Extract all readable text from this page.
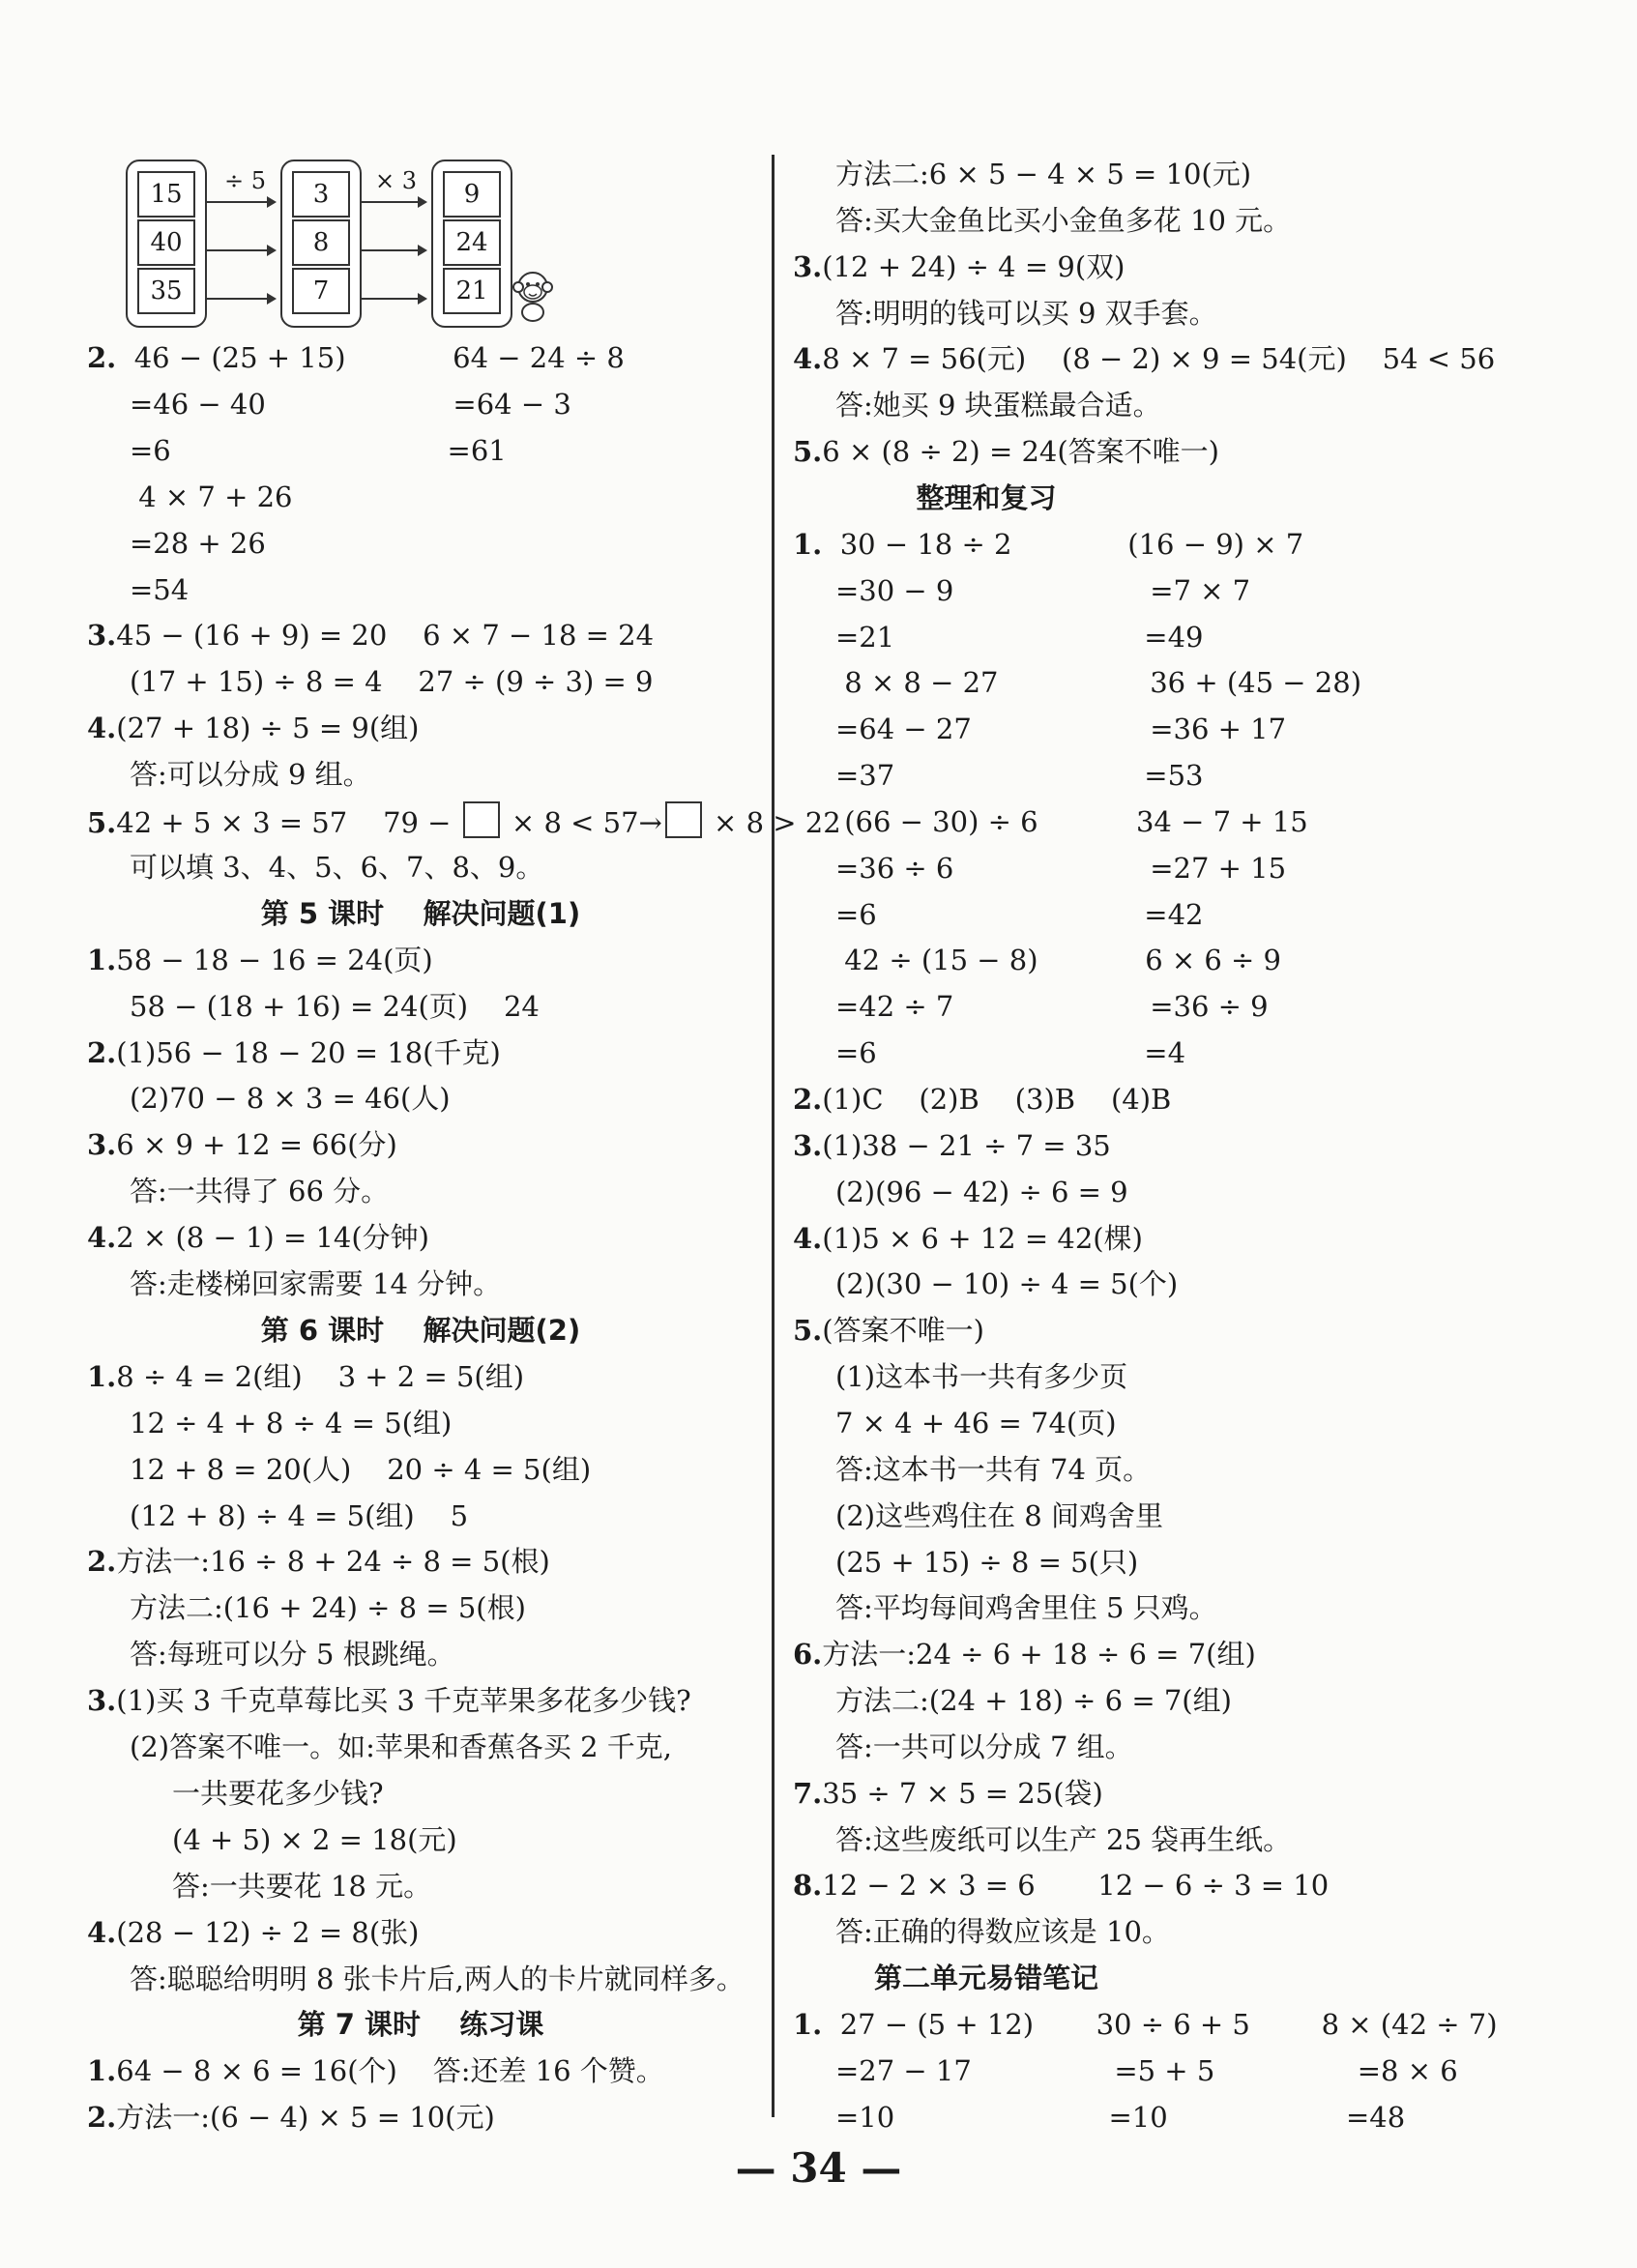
15
40
35
÷ 5	3
8
7
× 3	9
24
21
2.  46 − (25 + 15)            64 − 24 ÷ 8
=46 − 40                     =64 − 3
=6                               =61
4 × 7 + 26
=28 + 26
=54
3.45 − (16 + 9) = 20    6 × 7 − 18 = 24
(17 + 15) ÷ 8 = 4    27 ÷ (9 ÷ 3) = 9
4.(27 + 18) ÷ 5 = 9(组)
答:可以分成 9 组。
5.42 + 5 × 3 = 57    79 −  × 8 < 57→ × 8 > 22
可以填 3、4、5、6、7、8、9。
第 5 课时    解决问题(1)
1.58 − 18 − 16 = 24(页)
58 − (18 + 16) = 24(页)    24
2.(1)56 − 18 − 20 = 18(千克)
(2)70 − 8 × 3 = 46(人)
3.6 × 9 + 12 = 66(分)
答:一共得了 66 分。
4.2 × (8 − 1) = 14(分钟)
答:走楼梯回家需要 14 分钟。
第 6 课时    解决问题(2)
1.8 ÷ 4 = 2(组)    3 + 2 = 5(组)
12 ÷ 4 + 8 ÷ 4 = 5(组)
12 + 8 = 20(人)    20 ÷ 4 = 5(组)
(12 + 8) ÷ 4 = 5(组)    5
2.方法一:16 ÷ 8 + 24 ÷ 8 = 5(根)
方法二:(16 + 24) ÷ 8 = 5(根)
答:每班可以分 5 根跳绳。
3.(1)买 3 千克草莓比买 3 千克苹果多花多少钱?
(2)答案不唯一。如:苹果和香蕉各买 2 千克,
一共要花多少钱?
(4 + 5) × 2 = 18(元)
答:一共要花 18 元。
4.(28 − 12) ÷ 2 = 8(张)
答:聪聪给明明 8 张卡片后,两人的卡片就同样多。
第 7 课时    练习课
1.64 − 8 × 6 = 16(个)    答:还差 16 个赞。
2.方法一:(6 − 4) × 5 = 10(元)
方法二:6 × 5 − 4 × 5 = 10(元)
答:买大金鱼比买小金鱼多花 10 元。
3.(12 + 24) ÷ 4 = 9(双)
答:明明的钱可以买 9 双手套。
4.8 × 7 = 56(元)    (8 − 2) × 9 = 54(元)    54 < 56
答:她买 9 块蛋糕最合适。
5.6 × (8 ÷ 2) = 24(答案不唯一)
整理和复习
1.  30 − 18 ÷ 2             (16 − 9) × 7
=30 − 9                      =7 × 7
=21                            =49
8 × 8 − 27                 36 + (45 − 28)
=64 − 27                    =36 + 17
=37                            =53
(66 − 30) ÷ 6           34 − 7 + 15
=36 ÷ 6                      =27 + 15
=6                              =42
42 ÷ (15 − 8)            6 × 6 ÷ 9
=42 ÷ 7                      =36 ÷ 9
=6                              =4
2.(1)C    (2)B    (3)B    (4)B
3.(1)38 − 21 ÷ 7 = 35
(2)(96 − 42) ÷ 6 = 9
4.(1)5 × 6 + 12 = 42(棵)
(2)(30 − 10) ÷ 4 = 5(个)
5.(答案不唯一)
(1)这本书一共有多少页
7 × 4 + 46 = 74(页)
答:这本书一共有 74 页。
(2)这些鸡住在 8 间鸡舍里
(25 + 15) ÷ 8 = 5(只)
答:平均每间鸡舍里住 5 只鸡。
6.方法一:24 ÷ 6 + 18 ÷ 6 = 7(组)
方法二:(24 + 18) ÷ 6 = 7(组)
答:一共可以分成 7 组。
7.35 ÷ 7 × 5 = 25(袋)
答:这些废纸可以生产 25 袋再生纸。
8.12 − 2 × 3 = 6       12 − 6 ÷ 3 = 10
答:正确的得数应该是 10。
第二单元易错笔记
1.  27 − (5 + 12)       30 ÷ 6 + 5        8 × (42 ÷ 7)
=27 − 17                =5 + 5                =8 × 6
=10                        =10                    =48
— 34 —
